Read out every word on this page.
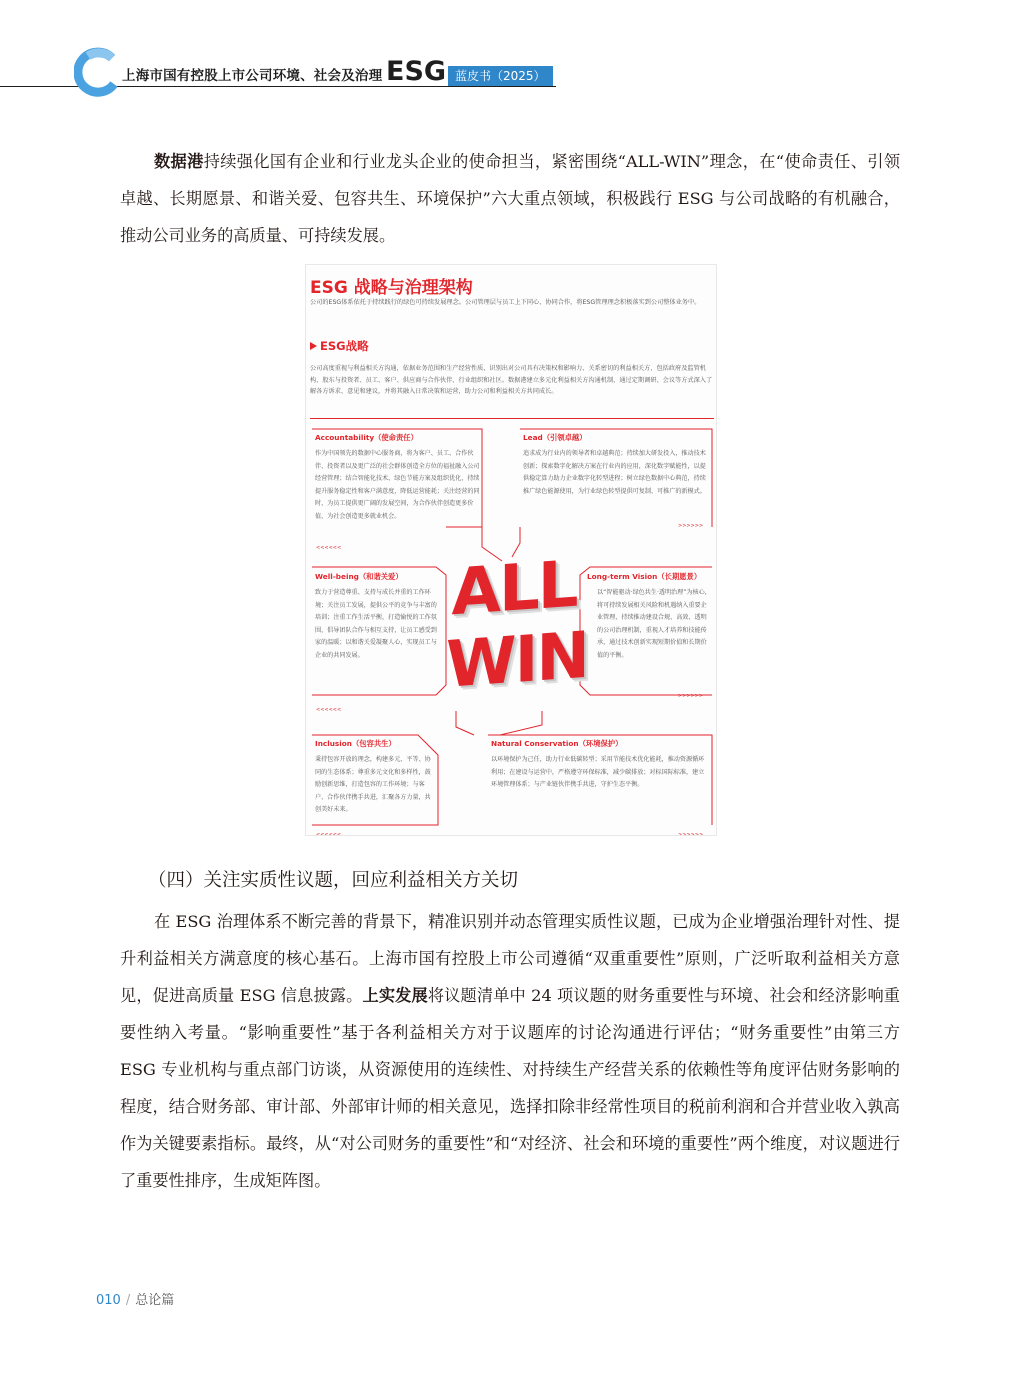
上海市国有控股上市公司环境、社会及治理 ESG 蓝皮书（2025）

数据港持续强化国有企业和行业龙头企业的使命担当，紧密围绕“ALL-WIN”理念，在“使命责任、引领卓越、长期愿景、和谐关爱、包容共生、环境保护”六大重点领域，积极践行 ESG 与公司战略的有机融合，推动公司业务的高质量、可持续发展。

ESG 战略与治理架构
公司的ESG体系依托于持续践行的绿色可持续发展理念。公司管理层与员工上下同心、协同合作，将ESG管理理念积极落实到公司整体业务中。
ESG战略
公司高度重视与利益相关方沟通，依据业务范围和生产经营性质，识别出对公司具有决策权和影响力、关系密切的利益相关方，包括政府及监管机构、股东与投资者、员工、客户、供应商与合作伙伴、行业组织和社区。数据港建立多元化利益相关方沟通机制，通过定期调研、会议等方式深入了解各方诉求、意见和建议，并将其融入日常决策和运营，助力公司和利益相关方共同成长。
<<<<<<
>>>>>>
<<<<<<
>>>>>>
<<<<<<	>>>>>>
ALL
WIN
Accountability（使命责任）
作为中国领先的数据中心服务商，将为客户、员工、合作伙伴、投资者以及更广泛的社会群体创造全方位的福祉融入公司经营管理；结合智能化技术、绿色节能方案及组织优化，持续提升服务稳定性和客户满意度，降低运营能耗；关注经营的同时，为员工提供更广阔的发展空间，为合作伙伴创造更多价值，为社会创造更多就业机会。
Lead（引领卓越）
追求成为行业内的领导者和卓越典范；持续加大研发投入，推动技术创新；探索数字化解决方案在行业内的应用，深化数字赋能性，以提供稳定算力助力企业数字化转型进程；树立绿色数据中心典范，持续推广绿色能源使用，为行业绿色转型提供可复制、可推广的新模式。
Well-being（和谐关爱）
致力于营造尊重、支持与成长并重的工作环境；关注员工发展，提供公平的竞争与丰富的培训；注重工作生活平衡，打造愉悦的工作氛围，倡导团队合作与相互支持，让员工感受到家的温暖；以和谐关爱凝聚人心，实现员工与企业的共同发展。
Long-term Vision（长期愿景）
以“智能驱动·绿色共生·透明治理”为核心，将可持续发展相关风险和机遇纳入重要企业管理，持续推动建设合规、高效、透明的公司治理机制，重视人才培养和技能传承，通过技术创新实现短期价值和长期价值的平衡。
Inclusion（包容共生）
秉持包容开放的理念，构建多元、平等、协同的生态体系；尊重多元文化和多样性，鼓励创新思维，打造包容的工作环境；与客户、合作伙伴携手共进，汇聚各方力量，共创美好未来。
Natural Conservation（环境保护）
以环境保护为己任，助力行业低碳转型；采用节能技术优化能耗，推动资源循环利用；在建设与运营中，严格遵守环保标准，减少碳排放；对标国际标准，建立环境管理体系；与产业链伙伴携手共进，守护生态平衡。
（四）关注实质性议题，回应利益相关方关切

在 ESG 治理体系不断完善的背景下，精准识别并动态管理实质性议题，已成为企业增强治理针对性、提升利益相关方满意度的核心基石。上海市国有控股上市公司遵循“双重重要性”原则，广泛听取利益相关方意见，促进高质量 ESG 信息披露。上实发展将议题清单中 24 项议题的财务重要性与环境、社会和经济影响重要性纳入考量。“影响重要性”基于各利益相关方对于议题库的讨论沟通进行评估；“财务重要性”由第三方 ESG 专业机构与重点部门访谈，从资源使用的连续性、对持续生产经营关系的依赖性等角度评估财务影响的程度，结合财务部、审计部、外部审计师的相关意见，选择扣除非经常性项目的税前利润和合并营业收入孰高作为关键要素指标。最终，从“对公司财务的重要性”和“对经济、社会和环境的重要性”两个维度，对议题进行了重要性排序，生成矩阵图。

010 / 总论篇
